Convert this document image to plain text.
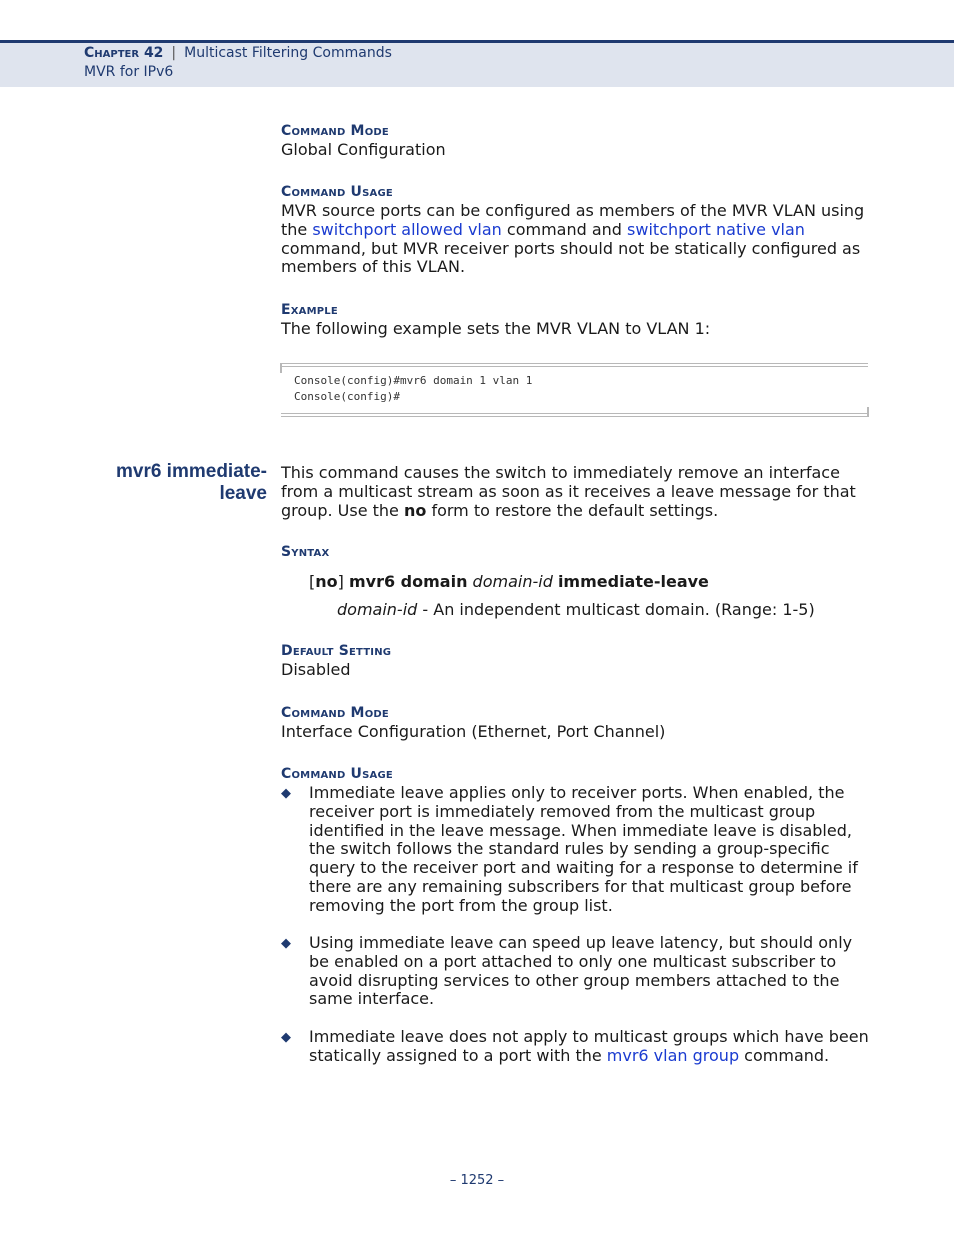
Chapter 42 | Multicast Filtering Commands
MVR for IPv6
Command Mode
Global Configuration
Command Usage
MVR source ports can be configured as members of the MVR VLAN using the switchport allowed vlan command and switchport native vlan command, but MVR receiver ports should not be statically configured as members of this VLAN.
Example
The following example sets the MVR VLAN to VLAN 1:
Console(config)#mvr6 domain 1 vlan 1
Console(config)#
mvr6 immediate-
leave
This command causes the switch to immediately remove an interface from a multicast stream as soon as it receives a leave message for that group. Use the no form to restore the default settings.
Syntax
[no] mvr6 domain domain-id immediate-leave
domain-id - An independent multicast domain. (Range: 1-5)
Default Setting
Disabled
Command Mode
Interface Configuration (Ethernet, Port Channel)
Command Usage
◆ Immediate leave applies only to receiver ports. When enabled, the receiver port is immediately removed from the multicast group identified in the leave message. When immediate leave is disabled, the switch follows the standard rules by sending a group-specific query to the receiver port and waiting for a response to determine if there are any remaining subscribers for that multicast group before removing the port from the group list.
◆ Using immediate leave can speed up leave latency, but should only be enabled on a port attached to only one multicast subscriber to avoid disrupting services to other group members attached to the same interface.
◆ Immediate leave does not apply to multicast groups which have been statically assigned to a port with the mvr6 vlan group command.
– 1252 –
